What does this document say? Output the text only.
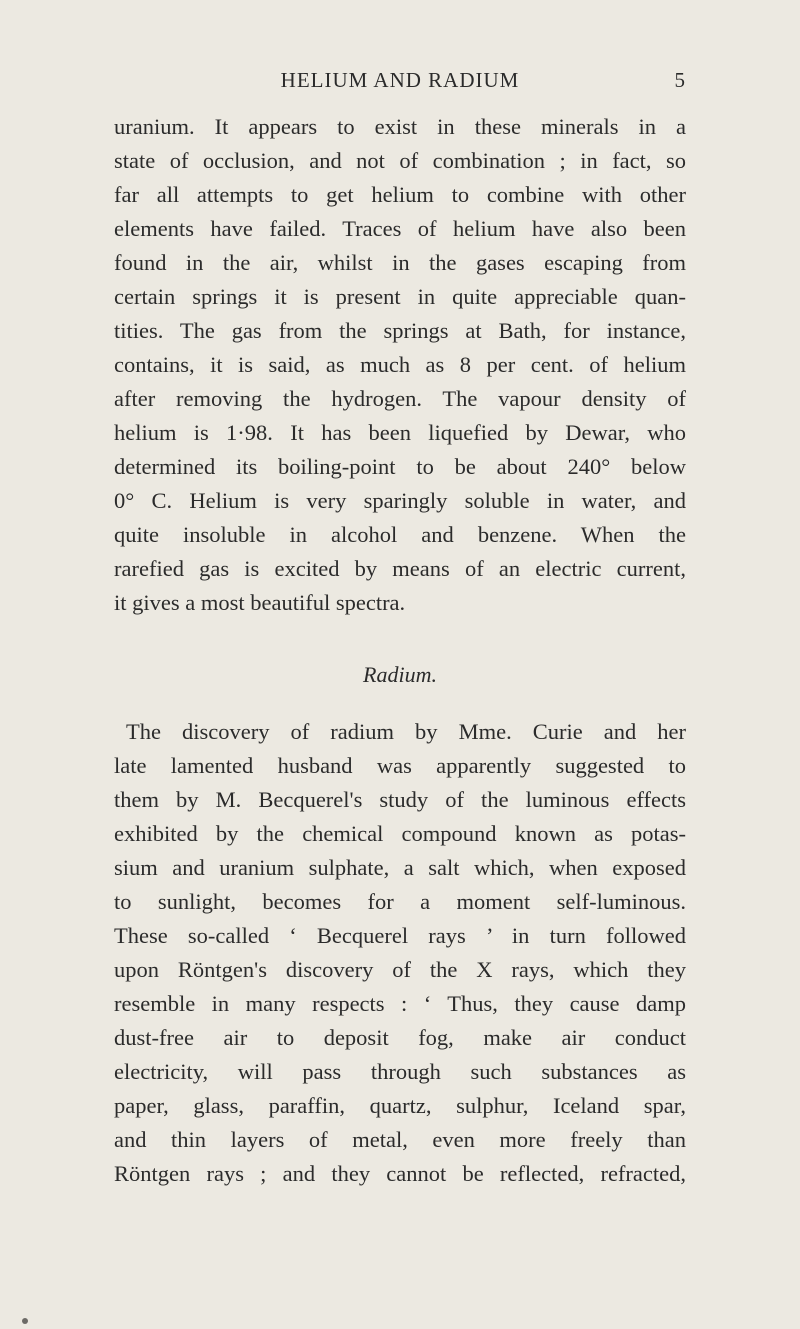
HELIUM AND RADIUM	5
uranium. It appears to exist in these minerals in a
state of occlusion, and not of combination ; in fact, so
far all attempts to get helium to combine with other
elements have failed. Traces of helium have also been
found in the air, whilst in the gases escaping from
certain springs it is present in quite appreciable quan-
tities. The gas from the springs at Bath, for instance,
contains, it is said, as much as 8 per cent. of helium
after removing the hydrogen. The vapour density of
helium is 1·98. It has been liquefied by Dewar, who
determined its boiling-point to be about 240° below
0° C. Helium is very sparingly soluble in water, and
quite insoluble in alcohol and benzene. When the
rarefied gas is excited by means of an electric current,
it gives a most beautiful spectra.
Radium.
The discovery of radium by Mme. Curie and her
late lamented husband was apparently suggested to
them by M. Becquerel's study of the luminous effects
exhibited by the chemical compound known as potas-
sium and uranium sulphate, a salt which, when exposed
to sunlight, becomes for a moment self-luminous.
These so-called ‘ Becquerel rays ’ in turn followed
upon Röntgen's discovery of the X rays, which they
resemble in many respects : ‘ Thus, they cause damp
dust-free air to deposit fog, make air conduct
electricity, will pass through such substances as
paper, glass, paraffin, quartz, sulphur, Iceland spar,
and thin layers of metal, even more freely than
Röntgen rays ; and they cannot be reflected, refracted,
